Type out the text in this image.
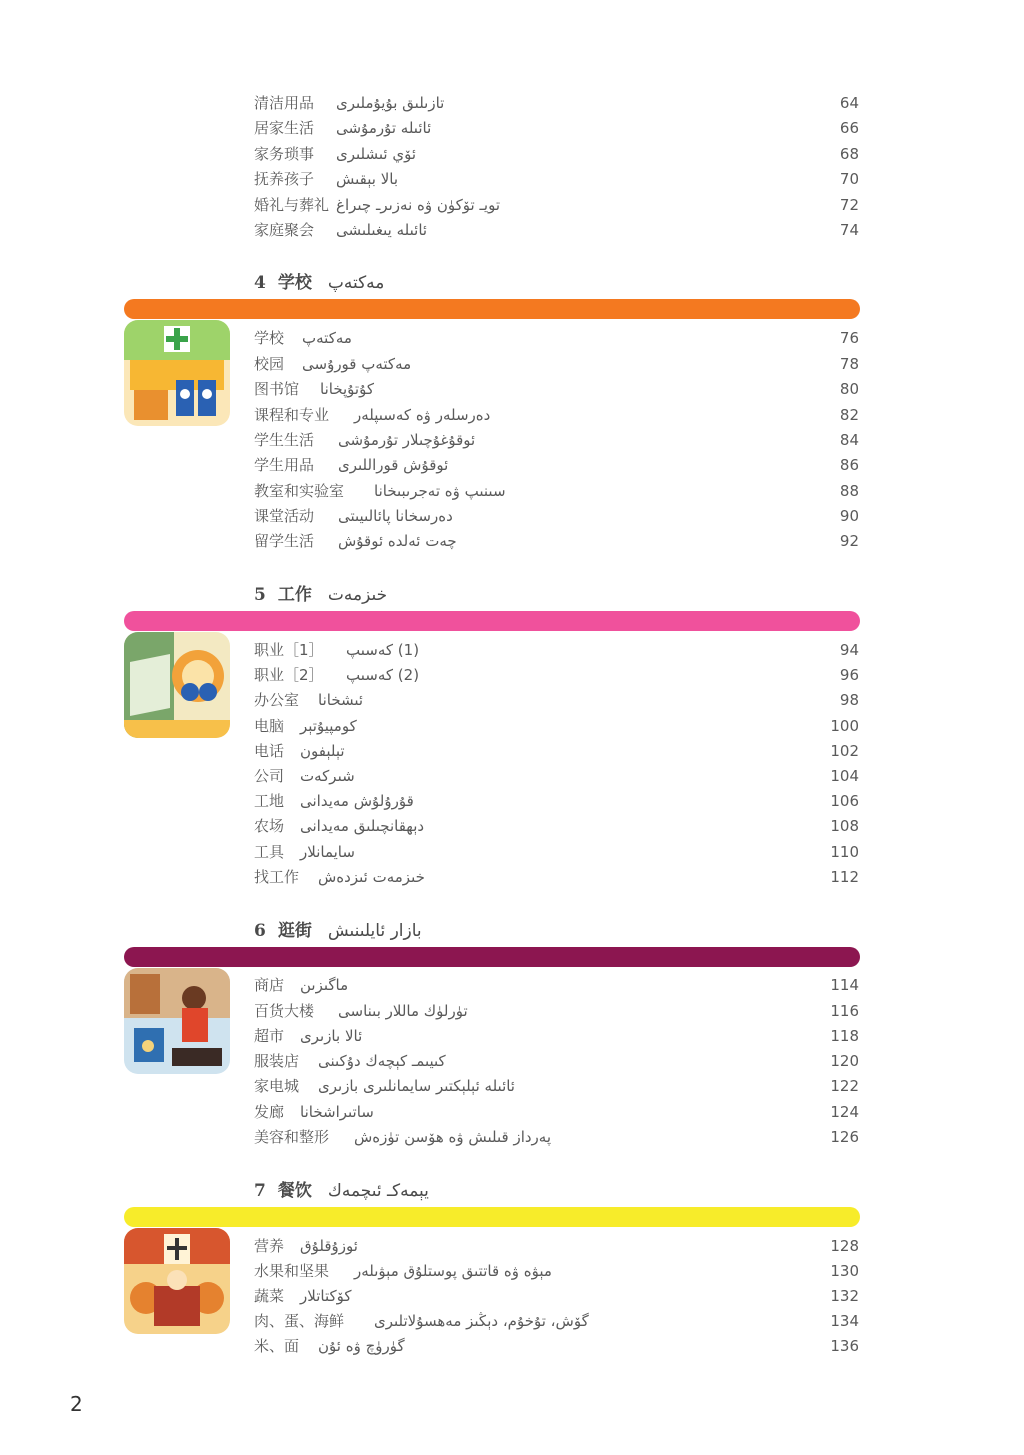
清洁用品 تازىلىق بۇيۇملىرى	64
居家生活 ئائىلە تۇرمۇشى	66
家务琐事 ئۆي ئىشلىرى	68
抚养孩子 بالا بېقىش	70
婚礼与葬礼 تويـ تۆكۈن ۋە نەزىرـ چىراغ	72
家庭聚会 ئائىلە يىغىلىشى	74
4 学校 مەكتەپ
学校 مەكتەپ	76
校园 مەكتەپ قورۇسى	78
图书馆 كۇتۇپخانا	80
课程和专业 دەرسلەر ۋە كەسىپلەر	82
学生生活 ئوقۇغۇچىلار تۇرمۇشى	84
学生用品 ئوقۇش قوراللىرى	86
教室和实验室 سىنىپ ۋە تەجرىبىخانا	88
课堂活动 دەرسخانا پائالىيىتى	90
留学生活 چەت ئەلدە ئوقۇش	92
5 工作 خىزمەت
职业［1］ (1) كەسىپ	94
职业［2］ (2) كەسىپ	96
办公室 ئىشخانا	98
电脑 كومپيۇتېر	100
电话 تېلېفون	102
公司 شىركەت	104
工地 قۇرۇلۇش مەيدانى	106
农场 دېھقانچىلىق مەيدانى	108
工具 سايمانلار	110
找工作 خىزمەت ئىزدەش	112
6 逛街 بازار ئايلىنىش
商店 ماگىزىن	114
百货大楼 تۈرلۈك ماللار بىناسى	116
超市 ئالا بازىرى	118
服装店 كىيىمـ كېچەك دۇكىنى	120
家电城 ئائىلە ئېلېكتىر سايمانلىرى بازىرى	122
发廊 ساتىراشخانا	124
美容和整形 پەرداز قىلىش ۋە ھۆسن تۈزەش	126
7 餐饮 يېمەكـ ئىچمەك
营养 ئوزۇقلۇق	128
水果和坚果 مېۋە ۋە قاتتىق پوستلۇق مېۋىلەر	130
蔬菜 كۆكتاتلار	132
肉、蛋、海鲜 گۆش، تۇخۇم، دېڭىز مەھسۇلاتلىرى	134
米、面 گۈرۈچ ۋە ئۇن	136
2
